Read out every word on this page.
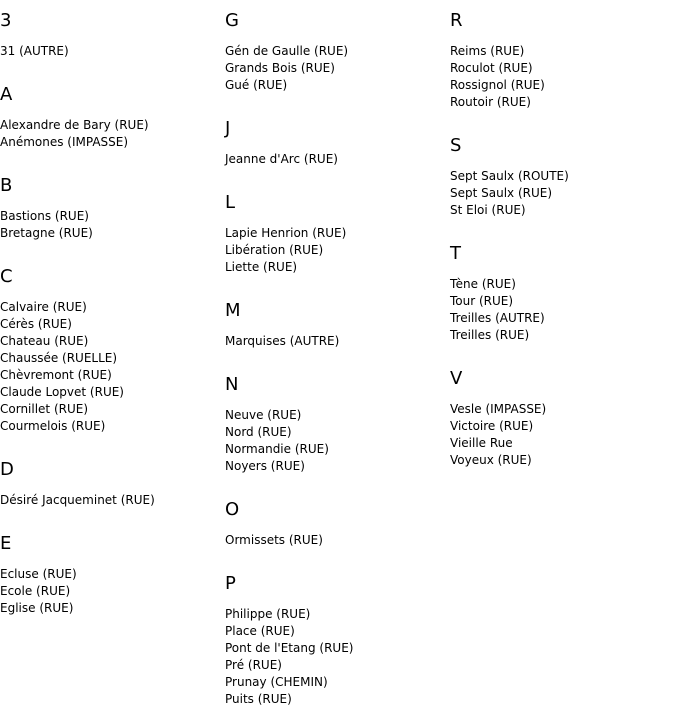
3
31 (AUTRE)
A
Alexandre de Bary (RUE)
Anémones (IMPASSE)
B
Bastions (RUE)
Bretagne (RUE)
C
Calvaire (RUE)
Cérès (RUE)
Chateau (RUE)
Chaussée (RUELLE)
Chèvremont (RUE)
Claude Lopvet (RUE)
Cornillet (RUE)
Courmelois (RUE)
D
Désiré Jacqueminet (RUE)
E
Ecluse (RUE)
Ecole (RUE)
Eglise (RUE)
G
Gén de Gaulle (RUE)
Grands Bois (RUE)
Gué (RUE)
J
Jeanne d'Arc (RUE)
L
Lapie Henrion (RUE)
Libération (RUE)
Liette (RUE)
M
Marquises (AUTRE)
N
Neuve (RUE)
Nord (RUE)
Normandie (RUE)
Noyers (RUE)
O
Ormissets (RUE)
P
Philippe (RUE)
Place (RUE)
Pont de l'Etang (RUE)
Pré (RUE)
Prunay (CHEMIN)
Puits (RUE)
R
Reims (RUE)
Roculot (RUE)
Rossignol (RUE)
Routoir (RUE)
S
Sept Saulx (ROUTE)
Sept Saulx (RUE)
St Eloi (RUE)
T
Tène (RUE)
Tour (RUE)
Treilles (AUTRE)
Treilles (RUE)
V
Vesle (IMPASSE)
Victoire (RUE)
Vieille Rue
Voyeux (RUE)
